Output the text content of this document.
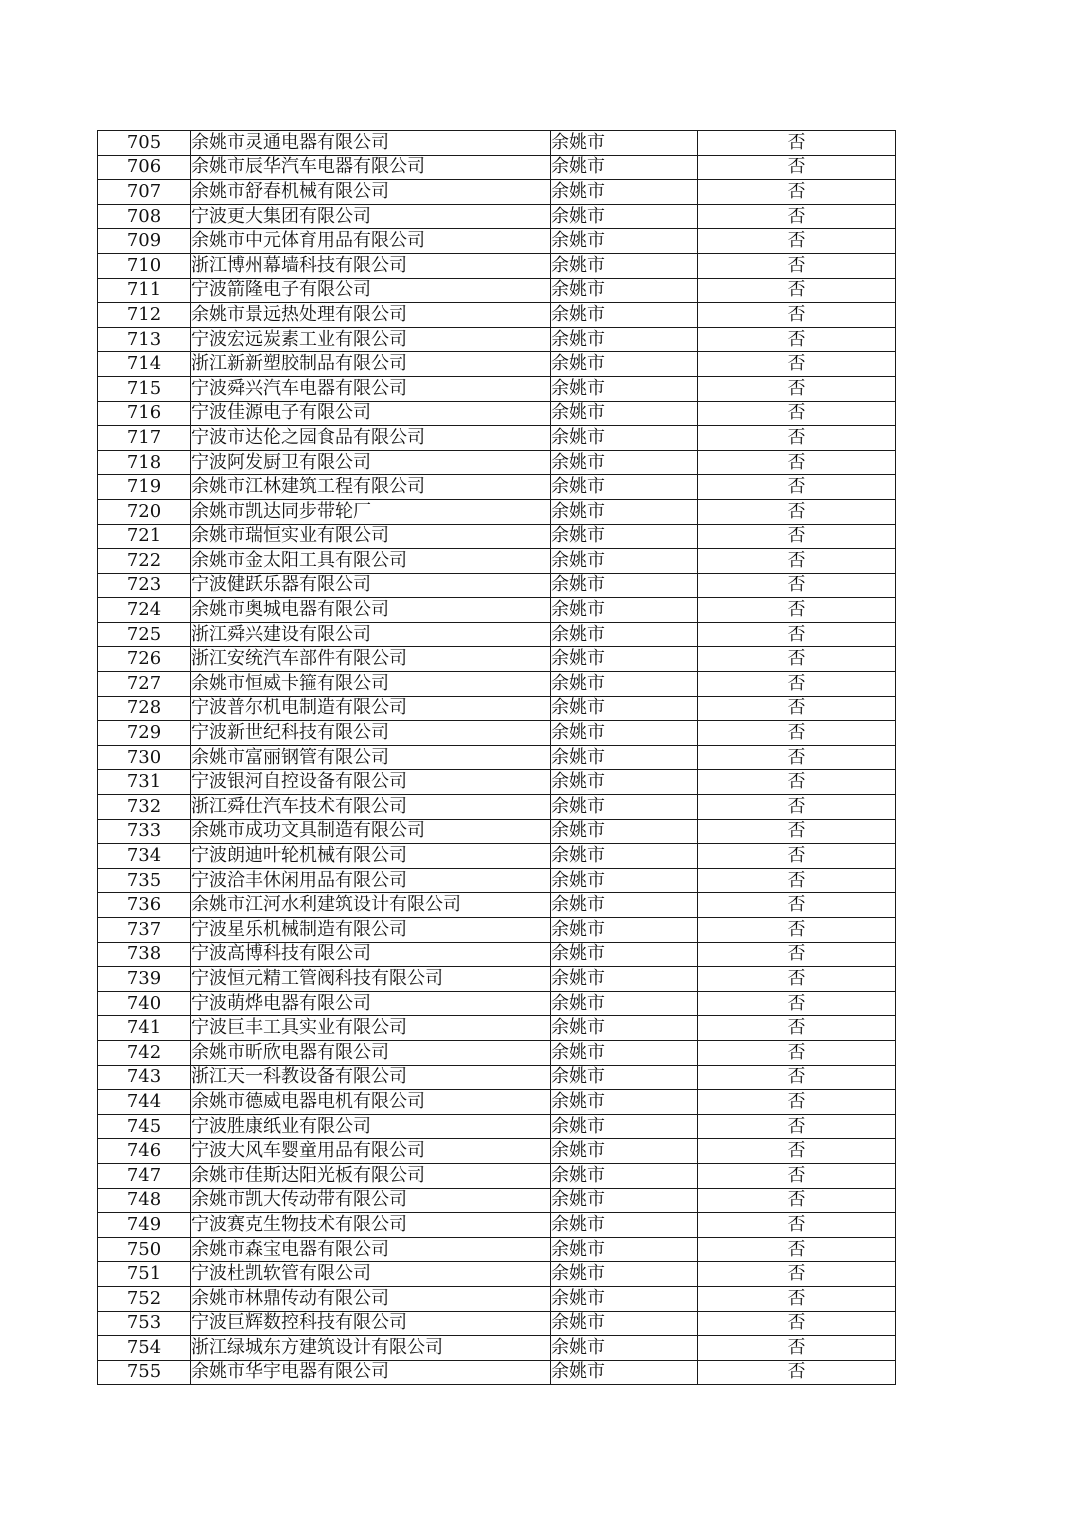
705	余姚市灵通电器有限公司	余姚市	否
706	余姚市辰华汽车电器有限公司	余姚市	否
707	余姚市舒春机械有限公司	余姚市	否
708	宁波更大集团有限公司	余姚市	否
709	余姚市中元体育用品有限公司	余姚市	否
710	浙江博州幕墙科技有限公司	余姚市	否
711	宁波箭隆电子有限公司	余姚市	否
712	余姚市景远热处理有限公司	余姚市	否
713	宁波宏远炭素工业有限公司	余姚市	否
714	浙江新新塑胶制品有限公司	余姚市	否
715	宁波舜兴汽车电器有限公司	余姚市	否
716	宁波佳源电子有限公司	余姚市	否
717	宁波市达伦之园食品有限公司	余姚市	否
718	宁波阿发厨卫有限公司	余姚市	否
719	余姚市江林建筑工程有限公司	余姚市	否
720	余姚市凯达同步带轮厂	余姚市	否
721	余姚市瑞恒实业有限公司	余姚市	否
722	余姚市金太阳工具有限公司	余姚市	否
723	宁波健跃乐器有限公司	余姚市	否
724	余姚市奥城电器有限公司	余姚市	否
725	浙江舜兴建设有限公司	余姚市	否
726	浙江安统汽车部件有限公司	余姚市	否
727	余姚市恒威卡箍有限公司	余姚市	否
728	宁波普尔机电制造有限公司	余姚市	否
729	宁波新世纪科技有限公司	余姚市	否
730	余姚市富丽钢管有限公司	余姚市	否
731	宁波银河自控设备有限公司	余姚市	否
732	浙江舜仕汽车技术有限公司	余姚市	否
733	余姚市成功文具制造有限公司	余姚市	否
734	宁波朗迪叶轮机械有限公司	余姚市	否
735	宁波洽丰休闲用品有限公司	余姚市	否
736	余姚市江河水利建筑设计有限公司	余姚市	否
737	宁波星乐机械制造有限公司	余姚市	否
738	宁波高博科技有限公司	余姚市	否
739	宁波恒元精工管阀科技有限公司	余姚市	否
740	宁波萌烨电器有限公司	余姚市	否
741	宁波巨丰工具实业有限公司	余姚市	否
742	余姚市昕欣电器有限公司	余姚市	否
743	浙江天一科教设备有限公司	余姚市	否
744	余姚市德威电器电机有限公司	余姚市	否
745	宁波胜康纸业有限公司	余姚市	否
746	宁波大风车婴童用品有限公司	余姚市	否
747	余姚市佳斯达阳光板有限公司	余姚市	否
748	余姚市凯大传动带有限公司	余姚市	否
749	宁波赛克生物技术有限公司	余姚市	否
750	余姚市森宝电器有限公司	余姚市	否
751	宁波杜凯软管有限公司	余姚市	否
752	余姚市林鼎传动有限公司	余姚市	否
753	宁波巨辉数控科技有限公司	余姚市	否
754	浙江绿城东方建筑设计有限公司	余姚市	否
755	余姚市华宇电器有限公司	余姚市	否
